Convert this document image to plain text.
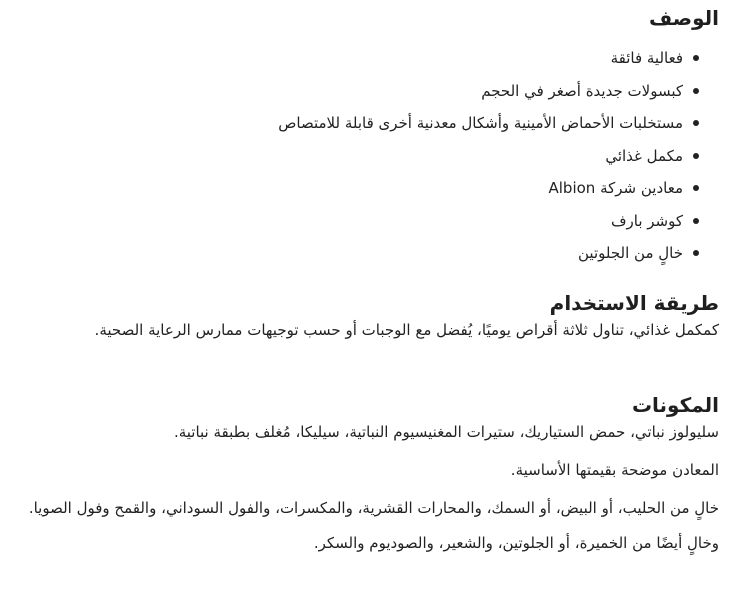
الوصف
فعالية فائقة
كبسولات جديدة أصغر في الحجم
مستخلبات الأحماض الأمينية وأشكال معدنية أخرى قابلة للامتصاص
مكمل غذائي
معادين شركة Albion
كوشر بارف
خالٍ من الجلوتين
طريقة الاستخدام

كمكمل غذائي، تناول ثلاثة أقراص يوميًا، يُفضل مع الوجبات أو حسب توجيهات ممارس الرعاية الصحية.

المكونات

سليولوز نباتي، حمض الستياريك، ستيرات المغنيسيوم النباتية، سيليكا، مُغلف بطبقة نباتية.

المعادن موضحة بقيمتها الأساسية.

خالٍ من الحليب، أو البيض، أو السمك، والمحارات القشرية، والمكسرات، والفول السوداني، والقمح وفول الصويا.

وخالٍ أيضًا من الخميرة، أو الجلوتين، والشعير، والصوديوم والسكر.
